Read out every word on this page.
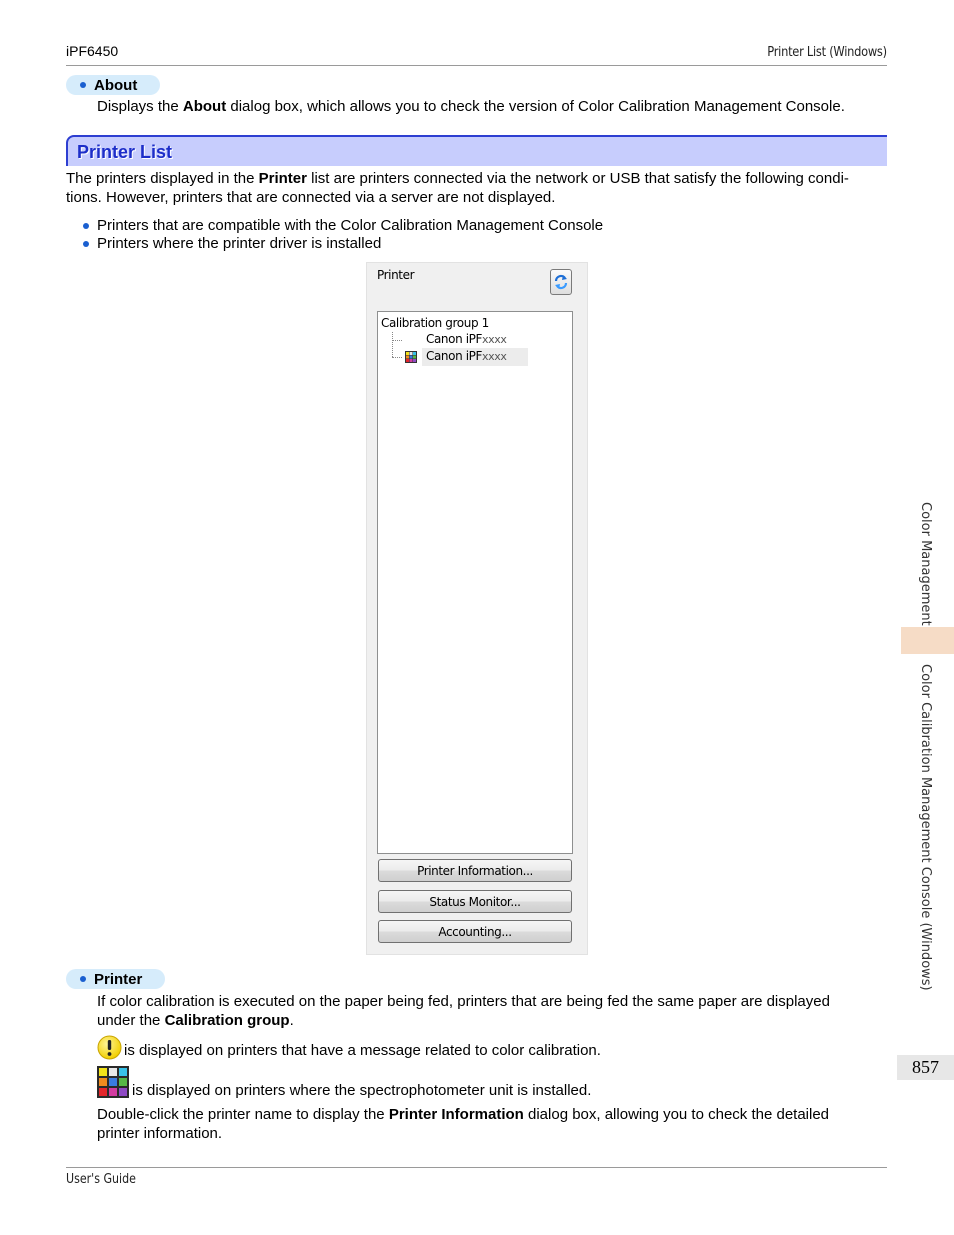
iPF6450	Printer List (Windows)
About
Displays the About dialog box, which allows you to check the version of Color Calibration Management Console.
Printer List
The printers displayed in the Printer list are printers connected via the network or USB that satisfy the following condi-
tions. However, printers that are connected via a server are not displayed.
Printers that are compatible with the Color Calibration Management Console
Printers where the printer driver is installed
Printer
Calibration group 1
Canon iPFxxxx
Canon iPFxxxx
Printer Information...
Status Monitor...
Accounting...
Printer
If color calibration is executed on the paper being fed, printers that are being fed the same paper are displayed
under the Calibration group.
is displayed on printers that have a message related to color calibration.
is displayed on printers where the spectrophotometer unit is installed.
Double-click the printer name to display the Printer Information dialog box, allowing you to check the detailed
printer information.
Color Management
Color Calibration Management Console (Windows)
857
User's Guide
